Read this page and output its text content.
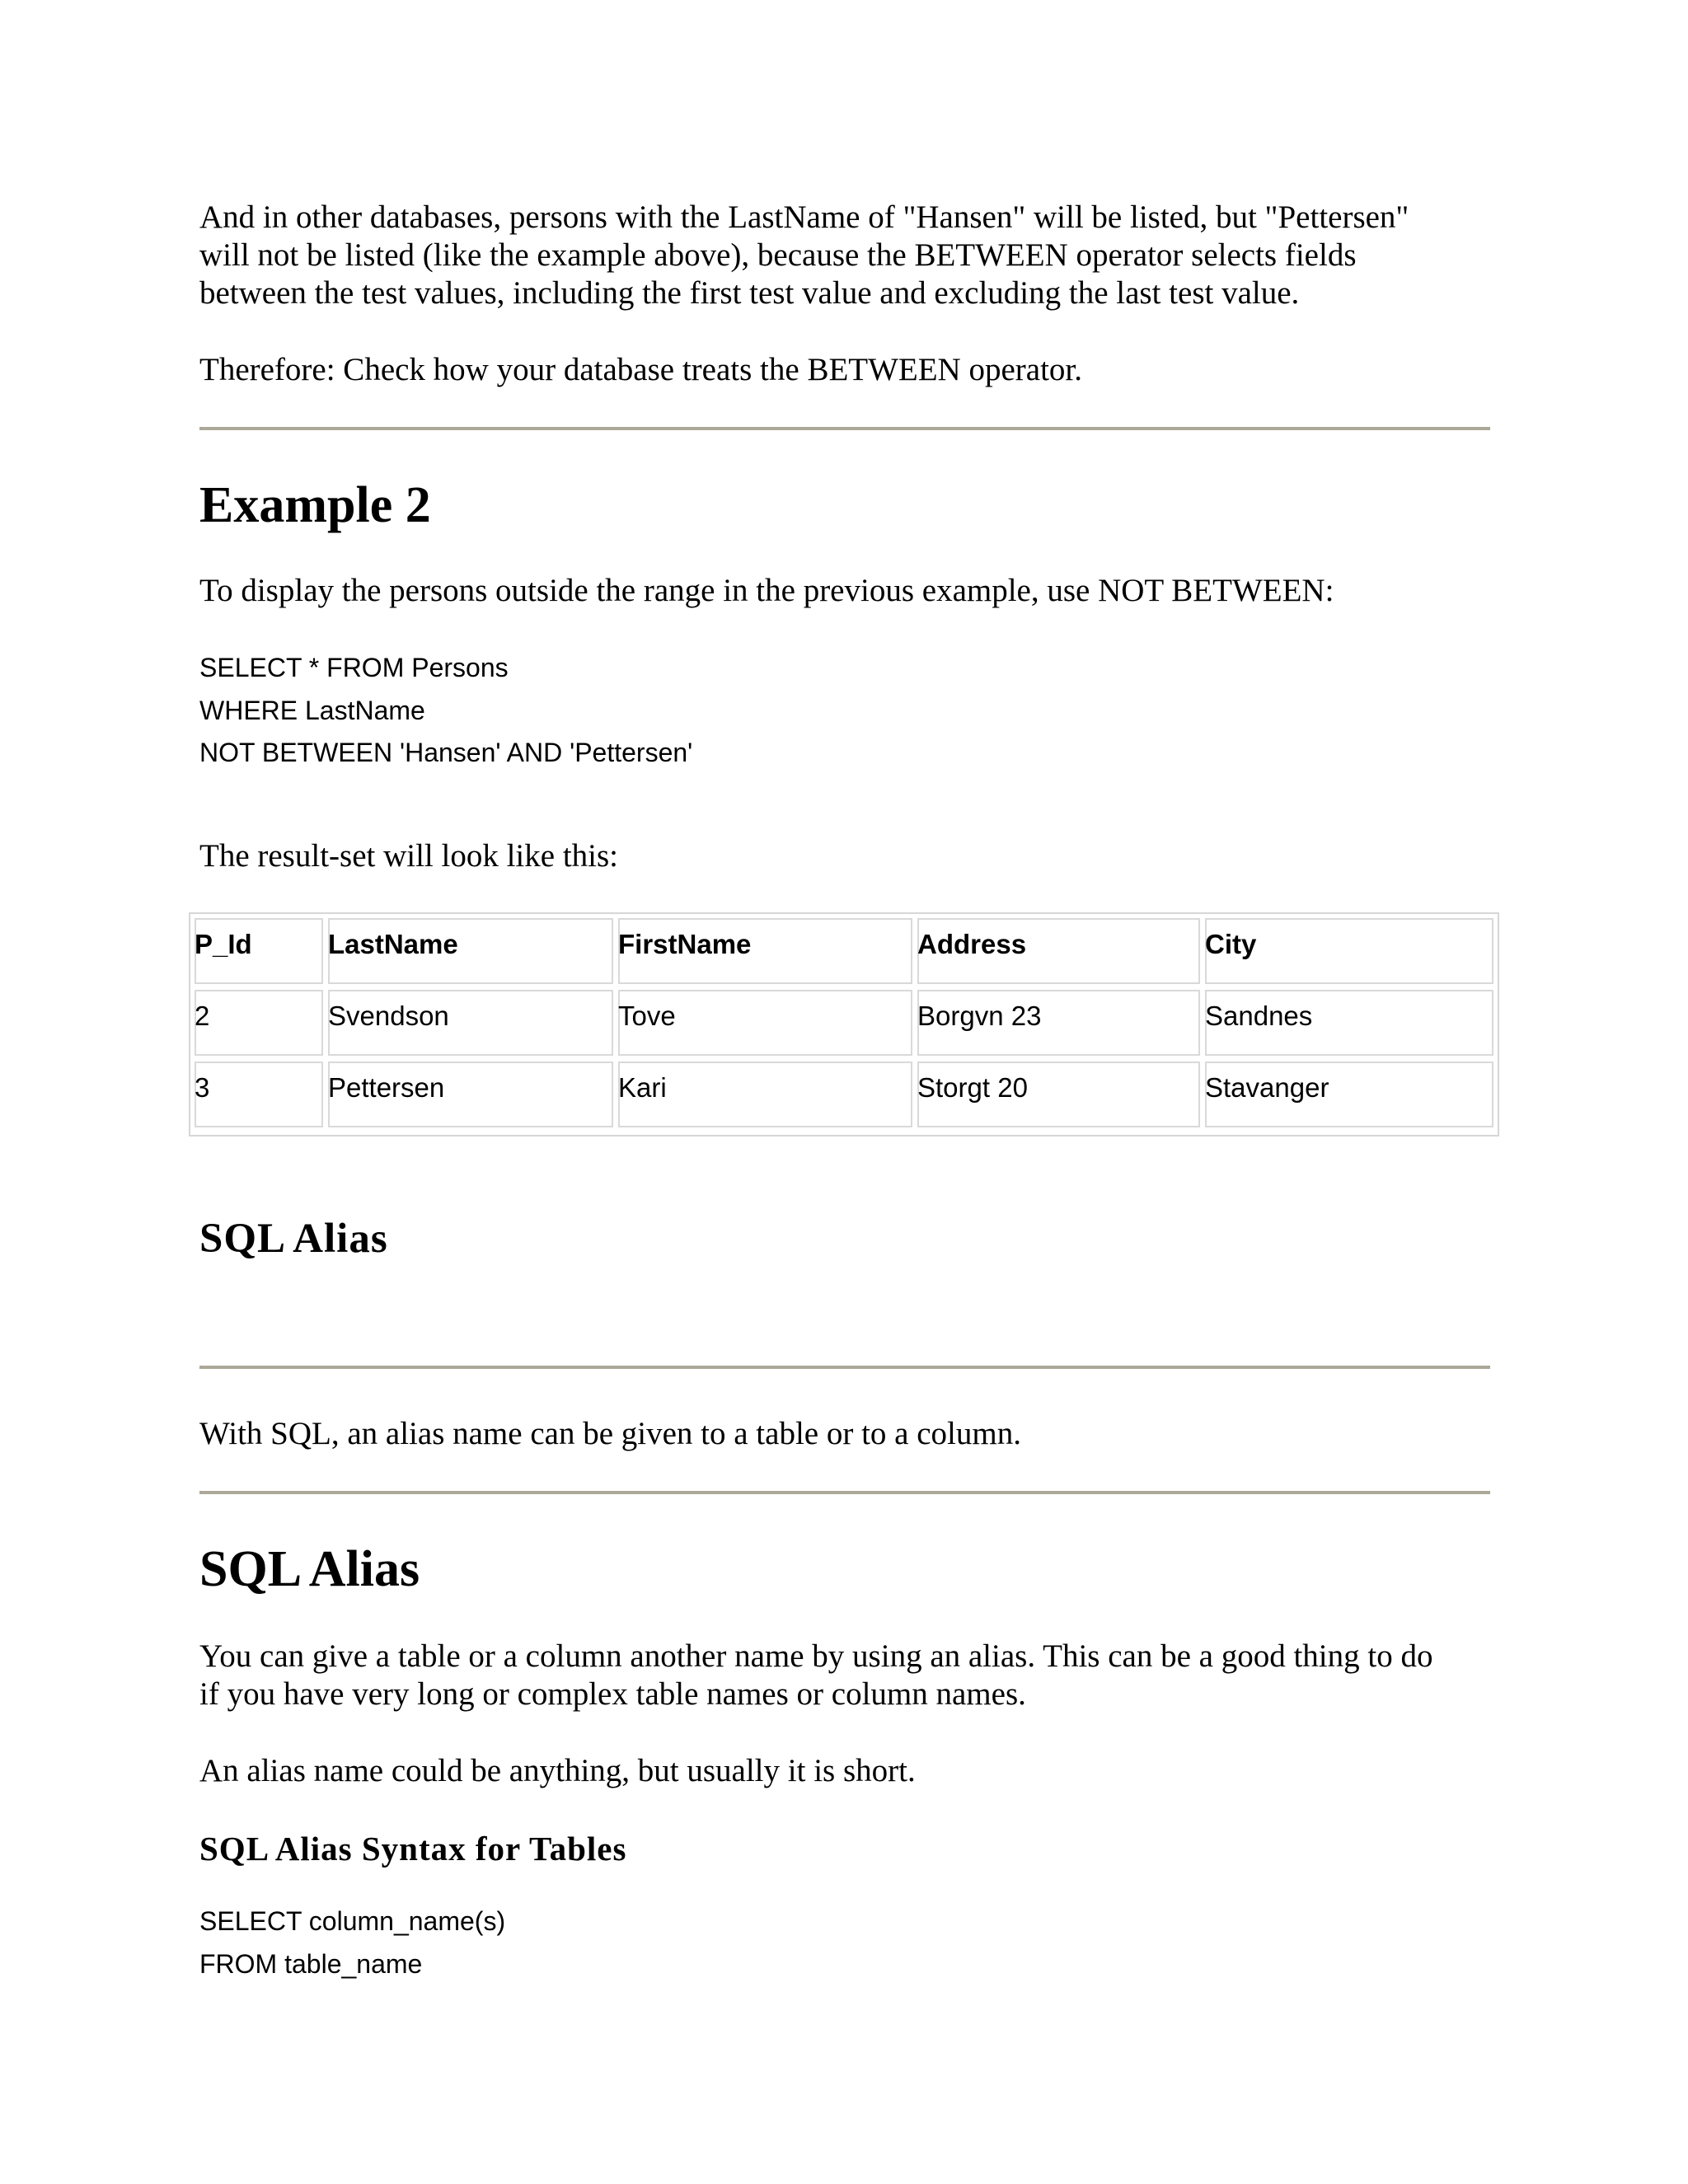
And in other databases, persons with the LastName of "Hansen" will be listed, but "Pettersen"
will not be listed (like the example above), because the BETWEEN operator selects fields
between the test values, including the first test value and excluding the last test value.
Therefore: Check how your database treats the BETWEEN operator.
Example 2
To display the persons outside the range in the previous example, use NOT BETWEEN:
SELECT * FROM Persons
WHERE LastName
NOT BETWEEN 'Hansen' AND 'Pettersen'
The result-set will look like this:
P_Id	LastName	FirstName	Address	City
2	Svendson	Tove	Borgvn 23	Sandnes
3	Pettersen	Kari	Storgt 20	Stavanger
SQL Alias
With SQL, an alias name can be given to a table or to a column.
SQL Alias
You can give a table or a column another name by using an alias. This can be a good thing to do
if you have very long or complex table names or column names.
An alias name could be anything, but usually it is short.
SQL Alias Syntax for Tables
SELECT column_name(s)
FROM table_name
